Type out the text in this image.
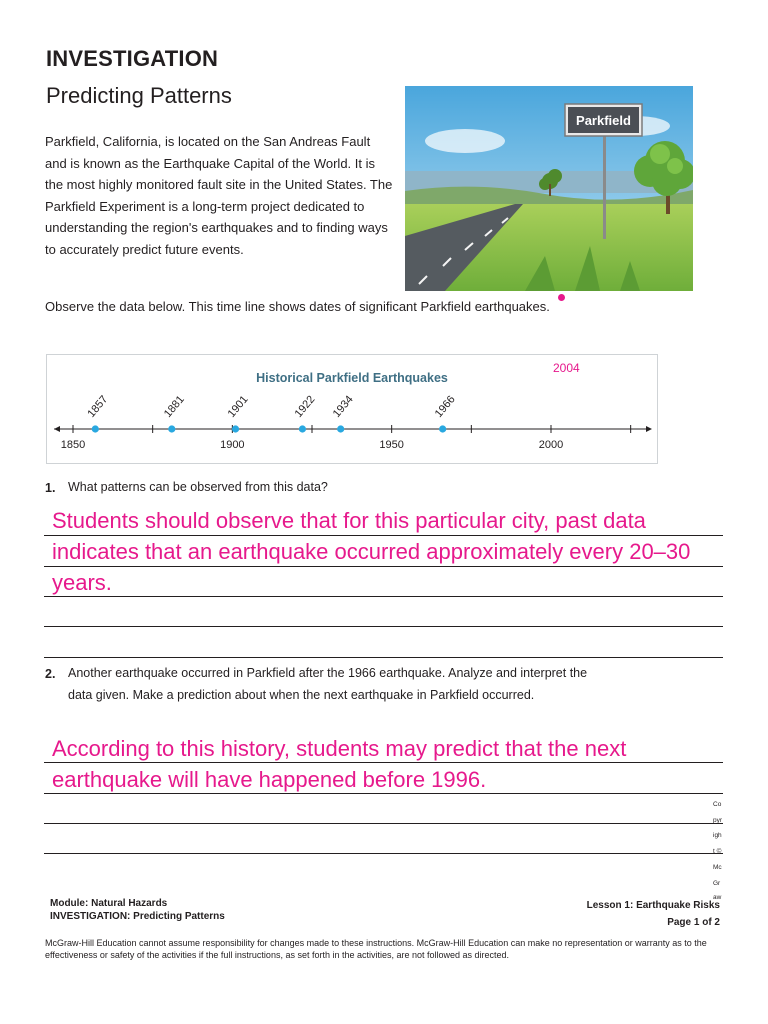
INVESTIGATION
Predicting Patterns
Parkfield, California, is located on the San Andreas Fault and is known as the Earthquake Capital of the World. It is the most highly monitored fault site in the United States. The Parkfield Experiment is a long-term project dedicated to understanding the region's earthquakes and to finding ways to accurately predict future events.
Parkfield
Observe the data below. This time line shows dates of significant Parkfield earthquakes.
Historical Parkfield Earthquakes
1850	1900	1950	2000
1857	1881	1901	1922 1934	1966
2004
1. What patterns can be observed from this data?
Students should observe that for this particular city, past data indicates that an earthquake occurred approximately every 20–30 years.
2. Another earthquake occurred in Parkfield after the 1966 earthquake. Analyze and interpret the data given. Make a prediction about when the next earthquake in Parkfield occurred.
According to this history, students may predict that the next earthquake will have happened before 1996.
Co
pyr
igh
t ©
Mc
Gr
aw
Module: Natural Hazards
INVESTIGATION: Predicting Patterns
Lesson 1: Earthquake Risks
Page 1 of 2
McGraw-Hill Education cannot assume responsibility for changes made to these instructions. McGraw-Hill Education can make no representation or warranty as to the effectiveness or safety of the activities if the full instructions, as set forth in the activities, are not followed as directed.
